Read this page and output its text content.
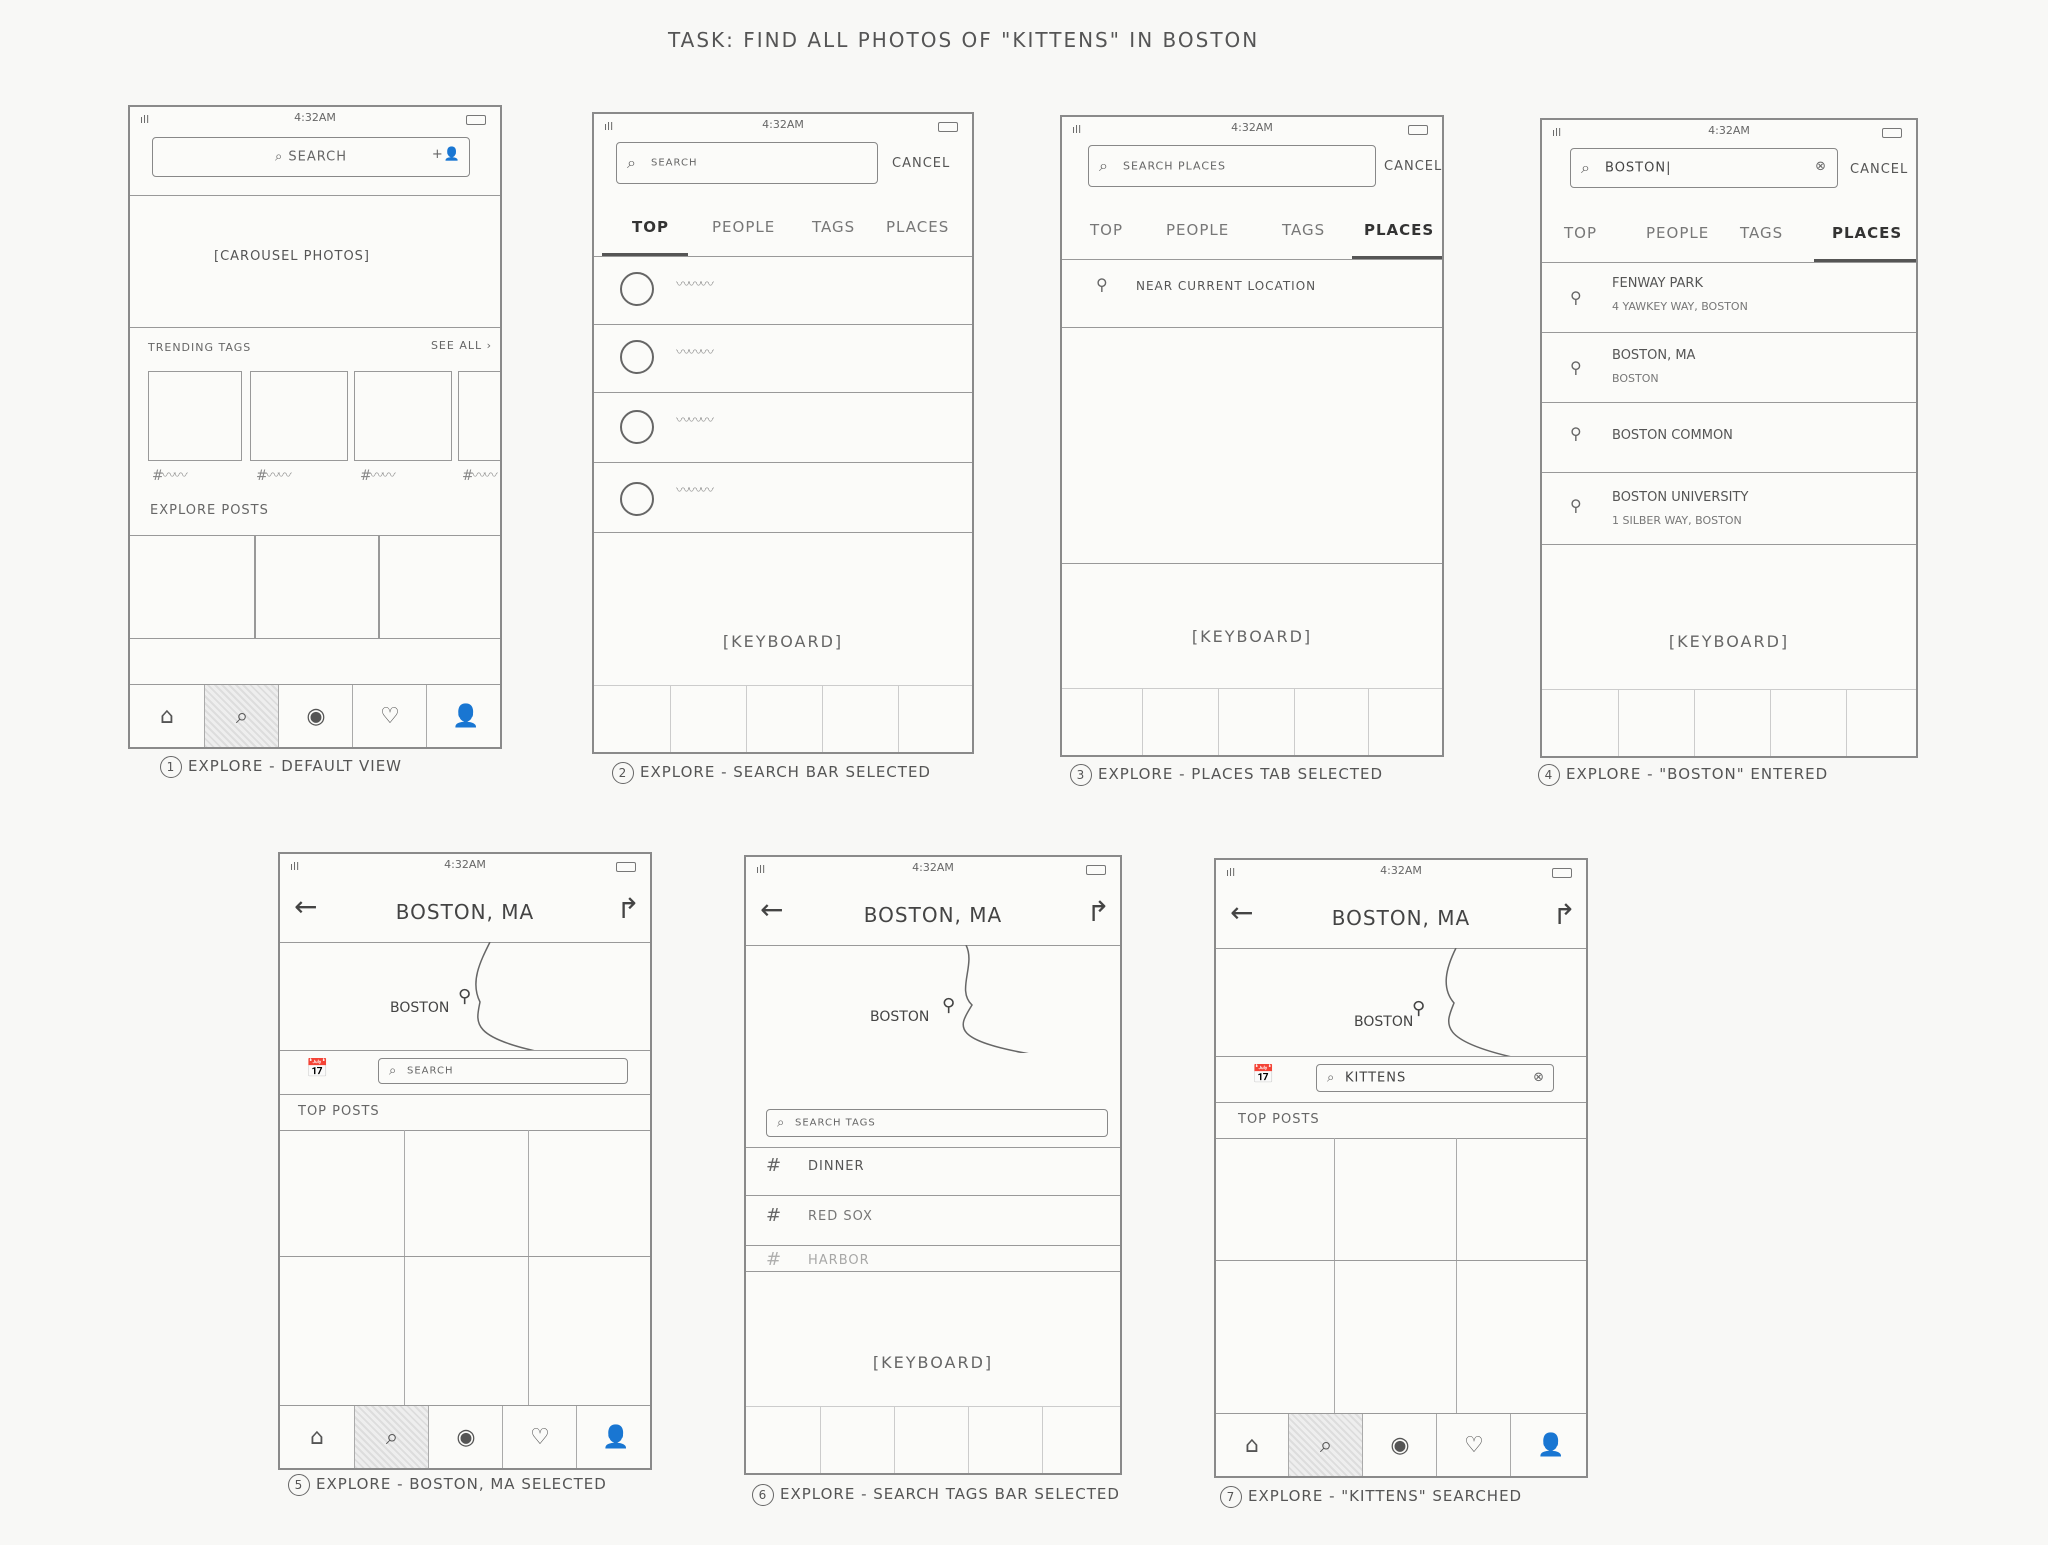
TASK: FIND ALL PHOTOS OF "KITTENS" IN BOSTON
ıll	4:32AM
⌕ SEARCH	+👤
[CAROUSEL PHOTOS]
TRENDING TAGS	SEE ALL ›
#〰〰	#〰〰	#〰〰	#〰〰
EXPLORE POSTS
⌂	⌕	◉	♡	👤
1 EXPLORE - DEFAULT VIEW
ıll	4:32AM
⌕ SEARCH	CANCEL
TOP	PEOPLE TAGS PLACES
〰〰〰
〰〰〰
〰〰〰
〰〰〰
[KEYBOARD]
2 EXPLORE - SEARCH BAR SELECTED
ıll	4:32AM
⌕ SEARCH PLACES	CANCEL
TOP	PEOPLE	TAGS	PLACES
⚲ NEAR CURRENT LOCATION
[KEYBOARD]
3 EXPLORE - PLACES TAB SELECTED
ıll	4:32AM
⌕ BOSTON|	⊗ CANCEL
TOP	PEOPLE TAGS	PLACES
⚲
FENWAY PARK
4 YAWKEY WAY, BOSTON
⚲
BOSTON, MA
BOSTON
⚲ BOSTON COMMON
⚲ BOSTON UNIVERSITY
1 SILBER WAY, BOSTON
[KEYBOARD]
4 EXPLORE - "BOSTON" ENTERED
ıll	4:32AM
←	BOSTON, MA	↱
BOSTON
⚲
📅	⌕ SEARCH
TOP POSTS
⌂	⌕	◉	♡	👤
5 EXPLORE - BOSTON, MA SELECTED
ıll	4:32AM
←	BOSTON, MA	↱
BOSTON
⚲
⌕ SEARCH TAGS
# DINNER
# RED SOX
# HARBOR
[KEYBOARD]
6 EXPLORE - SEARCH TAGS BAR SELECTED
ıll	4:32AM
←	BOSTON, MA	↱
BOSTON
⚲
📅	⌕ KITTENS	⊗
TOP POSTS
⌂	⌕	◉	♡	👤
7 EXPLORE - "KITTENS" SEARCHED
